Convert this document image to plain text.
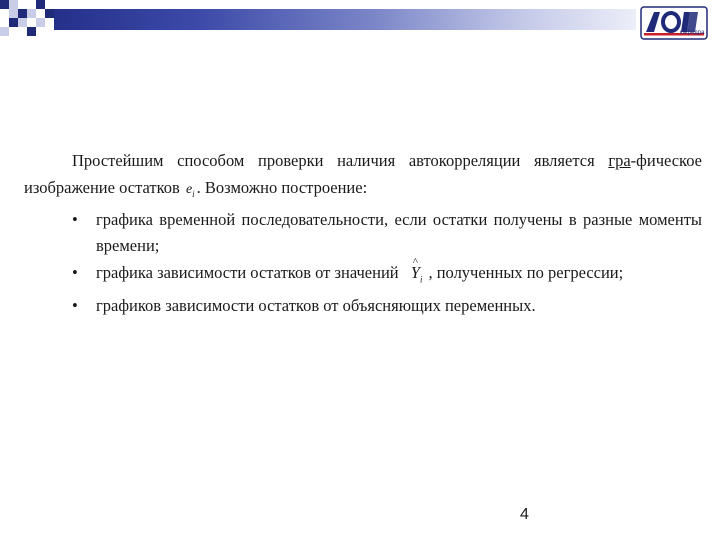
кафедра

Простейшим способом проверки наличия автокорреляции является гра-фическое изображение остатков $e_i$ . Возможно построение:

• графика временной последовательности, если остатки получены в разные моменты времени;

• графика зависимости остатков от значений ^ $Y_i$ , полученных по регрессии;

• графиков зависимости остатков от объясняющих переменных.

4
